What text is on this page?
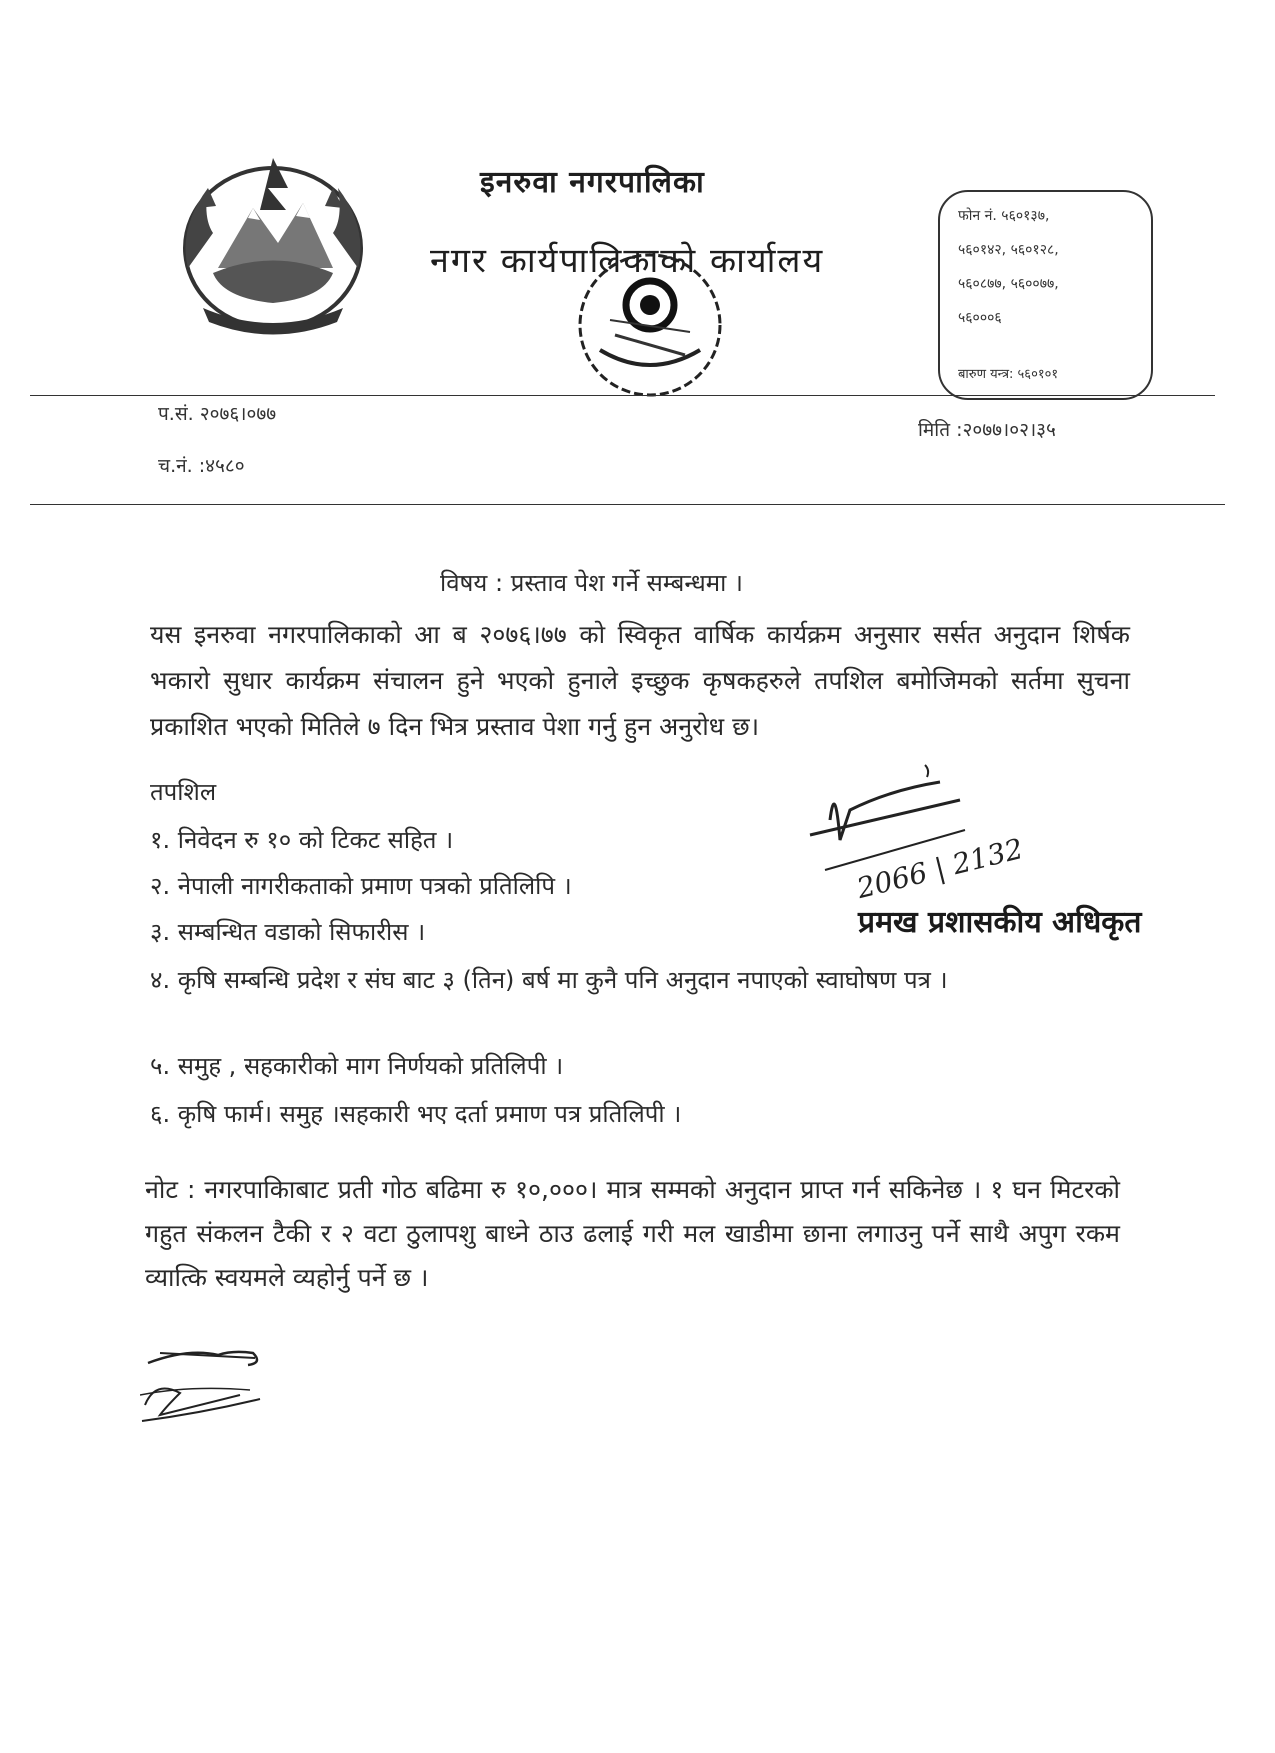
इनरुवा नगरपालिका
नगर कार्यपालिकाको कार्यालय
फोन नं. ५६०१३७,
५६०१४२, ५६०१२८,
५६०८७७, ५६००७७,
५६०००६
बारुण यन्त्र: ५६०१०१
प.सं. २०७६।०७७
मिति :२०७७।०२।३५
च.नं. :४५८०
विषय : प्रस्ताव पेश गर्ने सम्बन्धमा ।
यस इनरुवा नगरपालिकाको आ ब २०७६।७७ को स्विकृत वार्षिक कार्यक्रम अनुसार सर्सत अनुदान शिर्षक भकारो सुधार कार्यक्रम संचालन हुने भएको हुनाले इच्छुक कृषकहरुले तपशिल बमोजिमको सर्तमा सुचना प्रकाशित भएको मितिले ७ दिन भित्र प्रस्ताव पेशा गर्नु हुन अनुरोध छ।
तपशिल
१. निवेदन रु १० को टिकट सहित ।
२. नेपाली नागरीकताको प्रमाण पत्रको प्रतिलिपि ।
३. सम्बन्धित वडाको सिफारीस ।
४. कृषि सम्बन्धि प्रदेश र संघ बाट ३ (तिन) बर्ष मा कुनै पनि अनुदान नपाएको स्वाघोषण पत्र ।
५. समुह , सहकारीको माग निर्णयको प्रतिलिपी ।
६. कृषि फार्म। समुह ।सहकारी भए दर्ता प्रमाण पत्र प्रतिलिपी ।
2066 | 2132
प्रमख प्रशासकीय अधिकृत
नोट : नगरपाकिाबाट प्रती गोठ बढिमा रु १०,०००। मात्र सम्मको अनुदान प्राप्त गर्न सकिनेछ । १ घन मिटरको गहुत संकलन टैकी र २ वटा ठुलापशु बाध्ने ठाउ ढलाई गरी मल खाडीमा छाना लगाउनु पर्ने साथै अपुग रकम व्यात्कि स्वयमले व्यहोर्नु पर्ने छ ।
